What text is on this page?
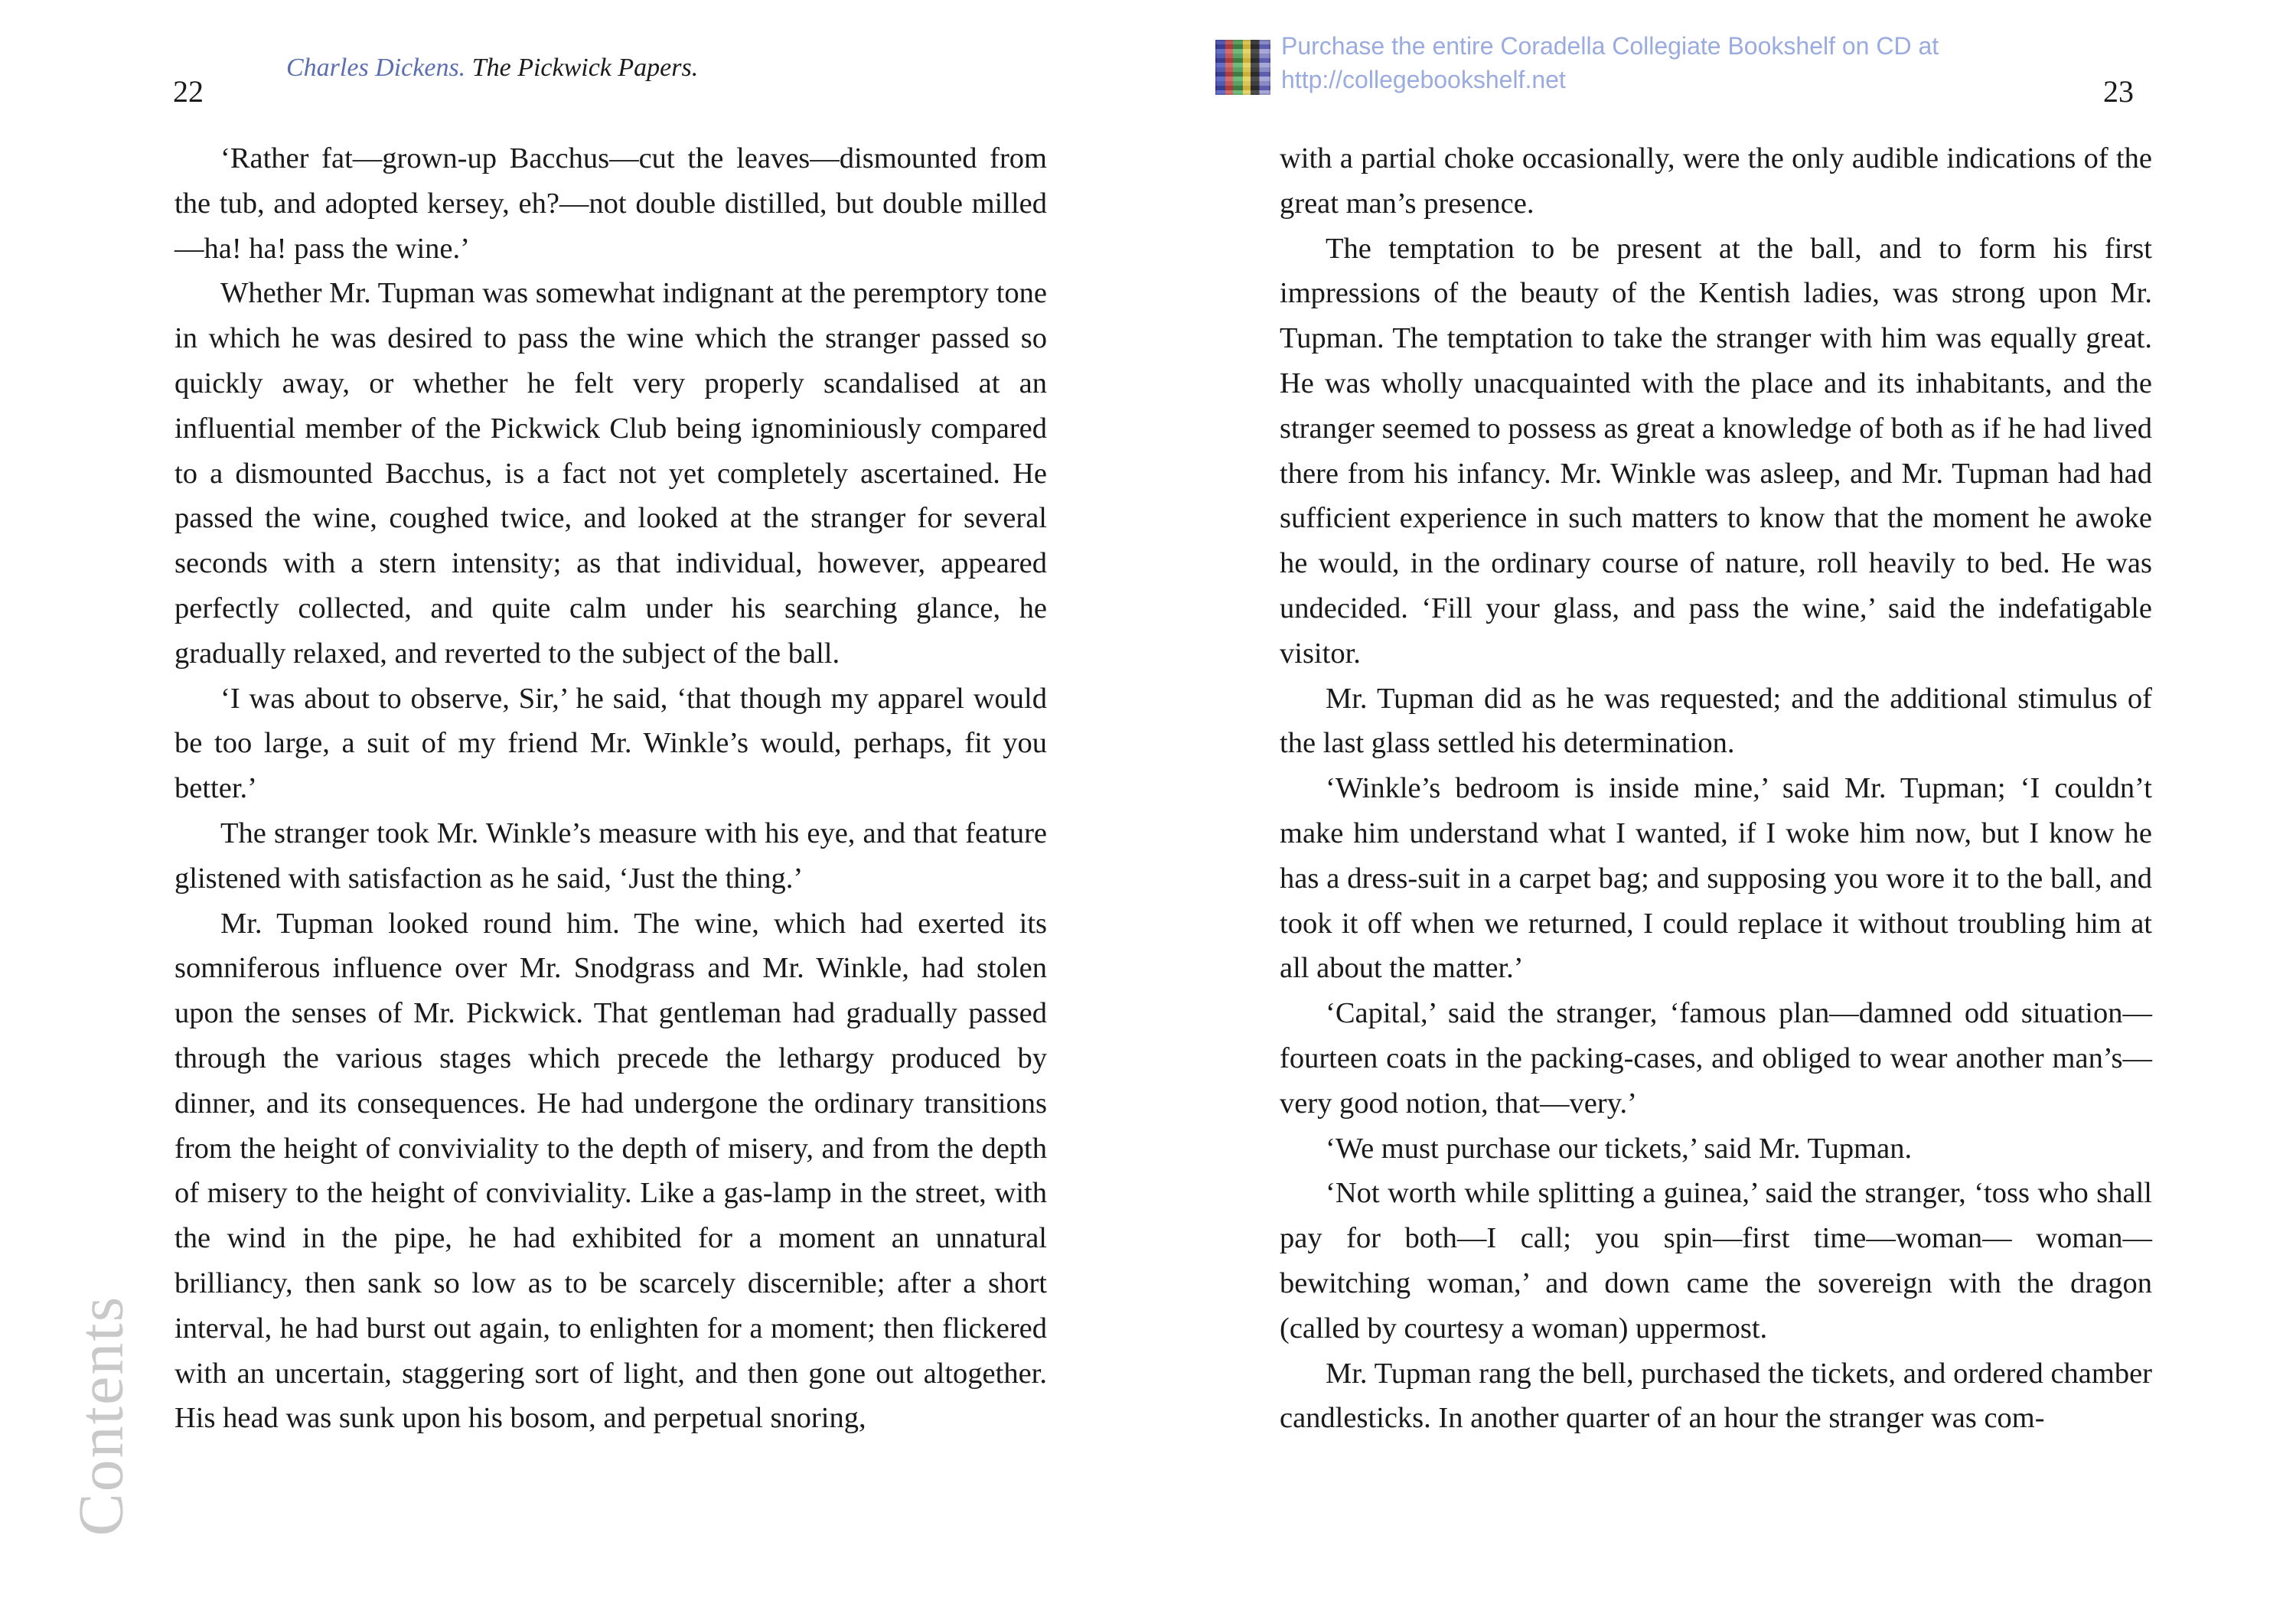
22
Charles Dickens. The Pickwick Papers.
Purchase the entire Coradella Collegiate Bookshelf on CD at
http://collegebookshelf.net	23

‘Rather fat—grown-up Bacchus—cut the leaves—dismounted from the tub, and adopted kersey, eh?—not double distilled, but double milled—ha! ha! pass the wine.’

Whether Mr. Tupman was somewhat indignant at the peremptory tone in which he was desired to pass the wine which the stranger passed so quickly away, or whether he felt very properly scandalised at an influential member of the Pickwick Club being ignominiously compared to a dismounted Bacchus, is a fact not yet completely ascertained. He passed the wine, coughed twice, and looked at the stranger for several seconds with a stern intensity; as that individual, however, appeared perfectly collected, and quite calm under his searching glance, he gradually relaxed, and reverted to the subject of the ball.

‘I was about to observe, Sir,’ he said, ‘that though my apparel would be too large, a suit of my friend Mr. Winkle’s would, perhaps, fit you better.’

The stranger took Mr. Winkle’s measure with his eye, and that feature glistened with satisfaction as he said, ‘Just the thing.’

Mr. Tupman looked round him. The wine, which had exerted its somniferous influence over Mr. Snodgrass and Mr. Winkle, had stolen upon the senses of Mr. Pickwick. That gentleman had gradually passed through the various stages which precede the lethargy produced by dinner, and its consequences. He had undergone the ordinary transitions from the height of conviviality to the depth of misery, and from the depth of misery to the height of conviviality. Like a gas-lamp in the street, with the wind in the pipe, he had exhibited for a moment an unnatural brilliancy, then sank so low as to be scarcely discernible; after a short interval, he had burst out again, to enlighten for a moment; then flickered with an uncertain, staggering sort of light, and then gone out altogether. His head was sunk upon his bosom, and perpetual snoring,

with a partial choke occasionally, were the only audible indications of the great man’s presence.

The temptation to be present at the ball, and to form his first impressions of the beauty of the Kentish ladies, was strong upon Mr. Tupman. The temptation to take the stranger with him was equally great. He was wholly unacquainted with the place and its inhabitants, and the stranger seemed to possess as great a knowledge of both as if he had lived there from his infancy. Mr. Winkle was asleep, and Mr. Tupman had had sufficient experience in such matters to know that the moment he awoke he would, in the ordinary course of nature, roll heavily to bed. He was undecided. ‘Fill your glass, and pass the wine,’ said the indefatigable visitor.

Mr. Tupman did as he was requested; and the additional stimulus of the last glass settled his determination.

‘Winkle’s bedroom is inside mine,’ said Mr. Tupman; ‘I couldn’t make him understand what I wanted, if I woke him now, but I know he has a dress-suit in a carpet bag; and supposing you wore it to the ball, and took it off when we returned, I could replace it without troubling him at all about the matter.’

‘Capital,’ said the stranger, ‘famous plan—damned odd situation—fourteen coats in the packing-cases, and obliged to wear another man’s—very good notion, that—very.’

‘We must purchase our tickets,’ said Mr. Tupman.

‘Not worth while splitting a guinea,’ said the stranger, ‘toss who shall pay for both—I call; you spin—first time—woman— woman—bewitching woman,’ and down came the sovereign with the dragon (called by courtesy a woman) uppermost.

Mr. Tupman rang the bell, purchased the tickets, and ordered chamber candlesticks. In another quarter of an hour the stranger was com-

Contents
